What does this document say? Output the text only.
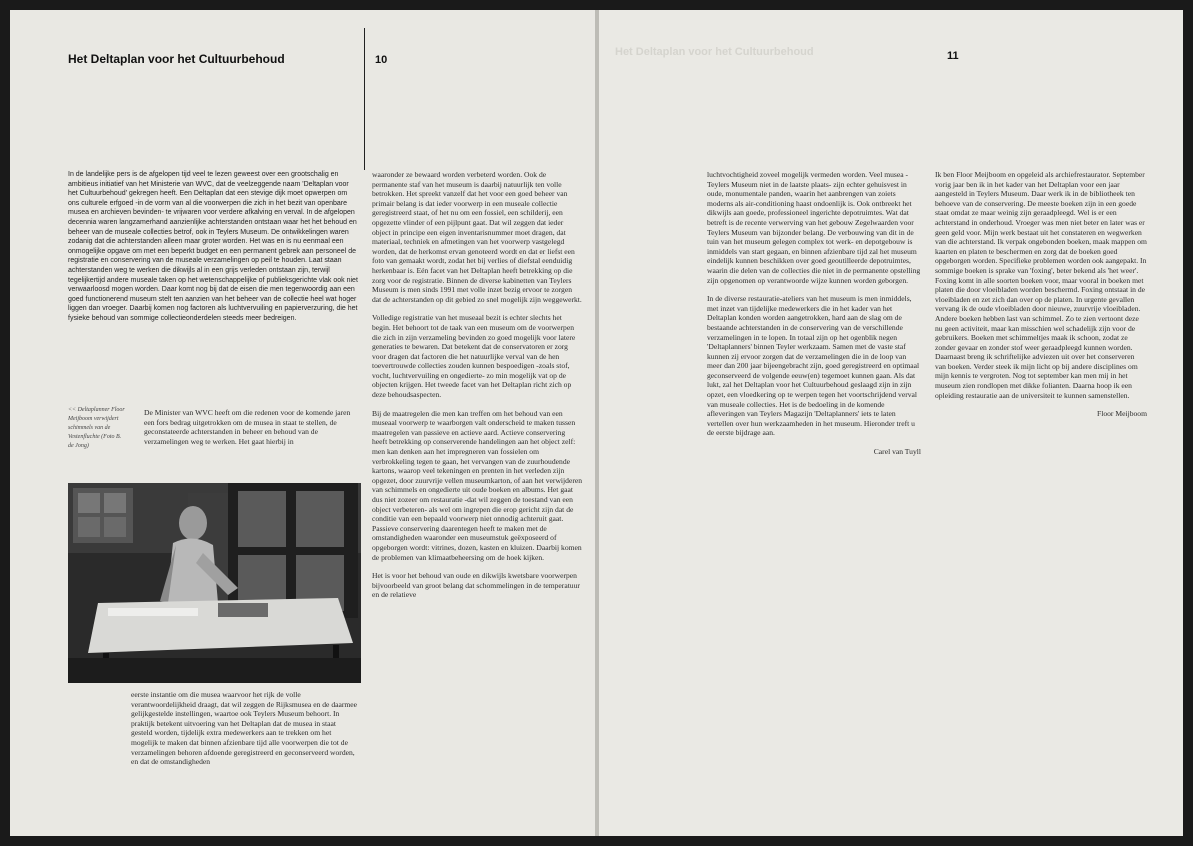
Het Deltaplan voor het Cultuurbehoud	10
In de landelijke pers is de afgelopen tijd veel te lezen geweest over een grootschalig en ambitieus initiatief van het Ministerie van WVC, dat de veelzeggende naam 'Deltaplan voor het Cultuurbehoud' gekregen heeft. Een Deltaplan dat een stevige dijk moet opwerpen om ons culturele erfgoed -in de vorm van al die voorwerpen die zich in het bezit van openbare musea en archieven bevinden- te vrijwaren voor verdere afkalving en verval. In de afgelopen decennia waren langzamerhand aanzienlijke achterstanden ontstaan waar het het behoud en beheer van de museale collecties betrof, ook in Teylers Museum. De ontwikkelingen waren zodanig dat die achterstanden alleen maar groter worden. Het was en is nu eenmaal een onmogelijke opgave om met een beperkt budget en een permanent gebrek aan personeel de registratie en conservering van de museale verzamelingen op peil te houden. Laat staan achterstanden weg te werken die dikwijls al in een grijs verleden ontstaan zijn, terwijl tegelijkertijd andere museale taken op het wetenschappelijke of publieksgerichte vlak ook niet verwaarloosd mogen worden. Daar komt nog bij dat de eisen die men tegenwoordig aan een goed functionerend museum stelt ten aanzien van het beheer van de collectie heel wat hoger liggen dan vroeger. Daarbij komen nog factoren als luchtvervuiling en papierverzuring, die het fysieke behoud van sommige collectieonderdelen steeds meer bedreigen.
<< Deltaplanner Floor Meijboom verwijdert schimmels van de Vestenfluchte (Foto B. de Jong)

De Minister van WVC heeft om die redenen voor de komende jaren een fors bedrag uitgetrokken om de musea in staat te stellen, de geconstateerde achterstanden in beheer en behoud van de verzamelingen weg te werken. Het gaat hierbij in

eerste instantie om die musea waarvoor het rijk de volle verantwoordelijkheid draagt, dat wil zeggen de Rijksmusea en de daarmee gelijkgestelde instellingen, waartoe ook Teylers Museum behoort. In praktijk betekent uitvoering van het Deltaplan dat de musea in staat gesteld worden, tijdelijk extra medewerkers aan te trekken om het mogelijk te maken dat binnen afzienbare tijd alle voorwerpen die tot de verzamelingen behoren afdoende geregistreerd en geconserveerd worden, en dat de omstandigheden

waaronder ze bewaard worden verbeterd worden. Ook de permanente staf van het museum is daarbij natuurlijk ten volle betrokken. Het spreekt vanzelf dat het voor een goed beheer van primair belang is dat ieder voorwerp in een museale collectie geregistreerd staat, of het nu om een fossiel, een schilderij, een opgezette vlinder of een pijlpunt gaat. Dat wil zeggen dat ieder object in principe een eigen inventarisnummer moet dragen, dat materiaal, techniek en afmetingen van het voorwerp vastgelegd worden, dat de herkomst ervan genoteerd wordt en dat er liefst een foto van gemaakt wordt, zodat het bij verlies of diefstal eenduidig herkenbaar is. Eén facet van het Deltaplan heeft betrekking op die zorg voor de registratie. Binnen de diverse kabinetten van Teylers Museum is men sinds 1991 met volle inzet bezig ervoor te zorgen dat de achterstanden op dit gebied zo snel mogelijk zijn weggewerkt.

Volledige registratie van het museaal bezit is echter slechts het begin. Het behoort tot de taak van een museum om de voorwerpen die zich in zijn verzameling bevinden zo goed mogelijk voor latere generaties te bewaren. Dat betekent dat de conservatoren er zorg voor dragen dat factoren die het natuurlijke verval van de hen toevertrouwde collecties zouden kunnen bespoedigen -zoals stof, vocht, luchtvervuiling en ongedierte- zo min mogelijk vat op de objecten krijgen. Het tweede facet van het Deltaplan richt zich op deze behoudsaspecten.

Bij de maatregelen die men kan treffen om het behoud van een museaal voorwerp te waarborgen valt onderscheid te maken tussen maatregelen van passieve en actieve aard. Actieve conservering heeft betrekking op conserverende handelingen aan het object zelf: men kan denken aan het impregneren van fossielen om verbrokkeling tegen te gaan, het vervangen van de zuurhoudende kartons, waarop veel tekeningen en prenten in het verleden zijn opgezet, door zuurvrije vellen museumkarton, of aan het verwijderen van schimmels en ongedierte uit oude boeken en albums. Het gaat dus niet zozeer om restauratie -dat wil zeggen de toestand van een object verbeteren- als wel om ingrepen die erop gericht zijn dat de conditie van een bepaald voorwerp niet onnodig achteruit gaat. Passieve conservering daarentegen heeft te maken met de omstandigheden waaronder een museumstuk geëxposeerd of opgeborgen wordt: vitrines, dozen, kasten en kluizen. Daarbij komen de problemen van klimaatbeheersing om de hoek kijken.

Het is voor het behoud van oude en dikwijls kwetsbare voorwerpen bijvoorbeeld van groot belang dat schommelingen in de temperatuur en de relatieve

Het Deltaplan voor het Cultuurbehoud	11

luchtvochtigheid zoveel mogelijk vermeden worden. Veel musea -Teylers Museum niet in de laatste plaats- zijn echter gehuisvest in oude, monumentale panden, waarin het aanbrengen van zoiets moderns als air-conditioning haast ondoenlijk is. Ook ontbreekt het dikwijls aan goede, professioneel ingerichte depotruimtes. Wat dat betreft is de recente verwerving van het gebouw Zegelwaarden voor Teylers Museum van bijzonder belang. De verbouwing van dit in de tuin van het museum gelegen complex tot werk- en depotgebouw is inmiddels van start gegaan, en binnen afzienbare tijd zal het museum eindelijk kunnen beschikken over goed geoutilleerde depotruimtes, waarin die delen van de collecties die niet in de permanente opstelling zijn opgenomen op verantwoorde wijze kunnen worden geborgen.

In de diverse restauratie-ateliers van het museum is men inmiddels, met inzet van tijdelijke medewerkers die in het kader van het Deltaplan konden worden aangetrokken, hard aan de slag om de bestaande achterstanden in de conservering van de verschillende verzamelingen in te lopen. In totaal zijn op het ogenblik negen 'Deltaplanners' binnen Teyler werkzaam. Samen met de vaste staf kunnen zij ervoor zorgen dat de verzamelingen die in de loop van meer dan 200 jaar bijeengebracht zijn, goed geregistreerd en optimaal geconserveerd de volgende eeuw(en) tegemoet kunnen gaan. Als dat lukt, zal het Deltaplan voor het Cultuurbehoud geslaagd zijn in zijn opzet, een vloedkering op te werpen tegen het voortschrijdend verval van museale collecties. Het is de bedoeling in de komende afleveringen van Teylers Magazijn 'Deltaplanners' iets te laten vertellen over hun werkzaamheden in het museum. Hieronder treft u de eerste bijdrage aan.

Carel van Tuyll

Ik ben Floor Meijboom en opgeleid als archiefrestaurator. September vorig jaar ben ik in het kader van het Deltaplan voor een jaar aangesteld in Teylers Museum. Daar werk ik in de bibliotheek ten behoeve van de conservering. De meeste boeken zijn in een goede staat omdat ze maar weinig zijn geraadpleegd. Wel is er een achterstand in onderhoud. Vroeger was men niet beter en later was er geen geld voor. Mijn werk bestaat uit het constateren en wegwerken van die achterstand. Ik verpak ongebonden boeken, maak mappen om kaarten en platen te beschermen en zorg dat de boeken goed opgeborgen worden. Specifieke problemen worden ook aangepakt. In sommige boeken is sprake van 'foxing', beter bekend als 'het weer'. Foxing komt in alle soorten boeken voor, maar vooral in boeken met platen die door vloeibladen worden beschermd. Foxing ontstaat in de vloeibladen en zet zich dan over op de platen. In urgente gevallen vervang ik de oude vloeibladen door nieuwe, zuurvrije vloeibladen. Andere boeken hebben last van schimmel. Zo te zien vertoont deze nu geen activiteit, maar kan misschien wel schadelijk zijn voor de gebruikers. Boeken met schimmeltjes maak ik schoon, zodat ze zonder gevaar en zonder stof weer geraadpleegd kunnen worden. Daarnaast breng ik schriftelijke adviezen uit over het conserveren van boeken. Verder steek ik mijn licht op bij andere disciplines om mijn kennis te vergroten. Nog tot september kan men mij in het museum zien rondlopen met dikke folianten. Daarna hoop ik een opleiding restauratie aan de universiteit te kunnen samenstellen.

Floor Meijboom
